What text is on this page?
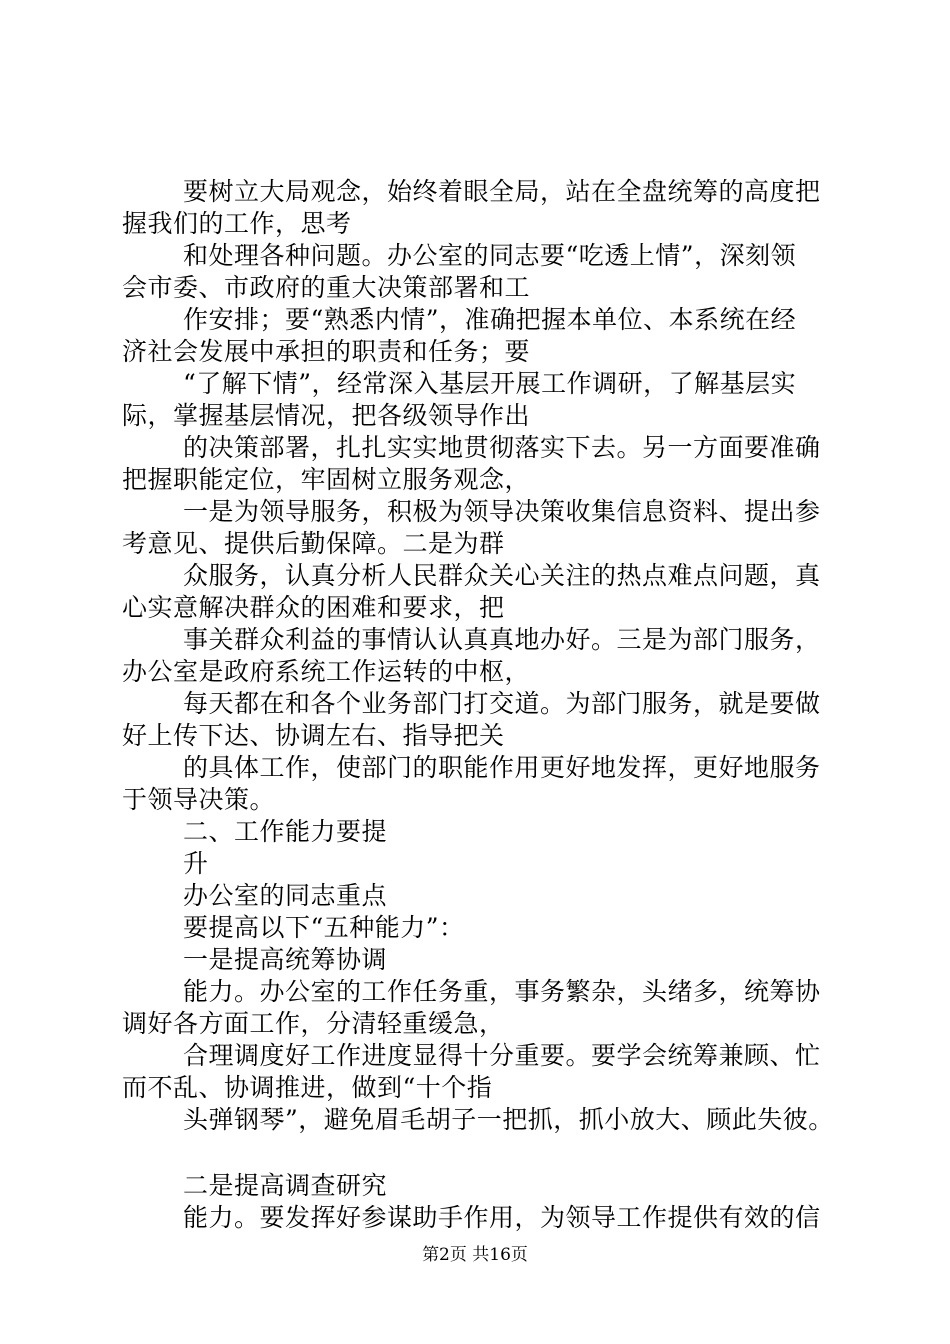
要树立大局观念，始终着眼全局，站在全盘统筹的高度把
握我们的工作，思考
和处理各种问题。办公室的同志要“吃透上情”，深刻领
会市委、市政府的重大决策部署和工
作安排；要“熟悉内情”，准确把握本单位、本系统在经
济社会发展中承担的职责和任务；要
“了解下情”，经常深入基层开展工作调研，了解基层实
际，掌握基层情况，把各级领导作出
的决策部署，扎扎实实地贯彻落实下去。另一方面要准确
把握职能定位，牢固树立服务观念，
一是为领导服务，积极为领导决策收集信息资料、提出参
考意见、提供后勤保障。二是为群
众服务，认真分析人民群众关心关注的热点难点问题，真
心实意解决群众的困难和要求，把
事关群众利益的事情认认真真地办好。三是为部门服务，
办公室是政府系统工作运转的中枢，
每天都在和各个业务部门打交道。为部门服务，就是要做
好上传下达、协调左右、指导把关
的具体工作，使部门的职能作用更好地发挥，更好地服务
于领导决策。
二、工作能力要提
升
办公室的同志重点
要提高以下“五种能力”：
一是提高统筹协调
能力。办公室的工作任务重，事务繁杂，头绪多，统筹协
调好各方面工作，分清轻重缓急，
合理调度好工作进度显得十分重要。要学会统筹兼顾、忙
而不乱、协调推进，做到“十个指
头弹钢琴”，避免眉毛胡子一把抓，抓小放大、顾此失彼。
二是提高调查研究
能力。要发挥好参谋助手作用，为领导工作提供有效的信
第2页 共16页
